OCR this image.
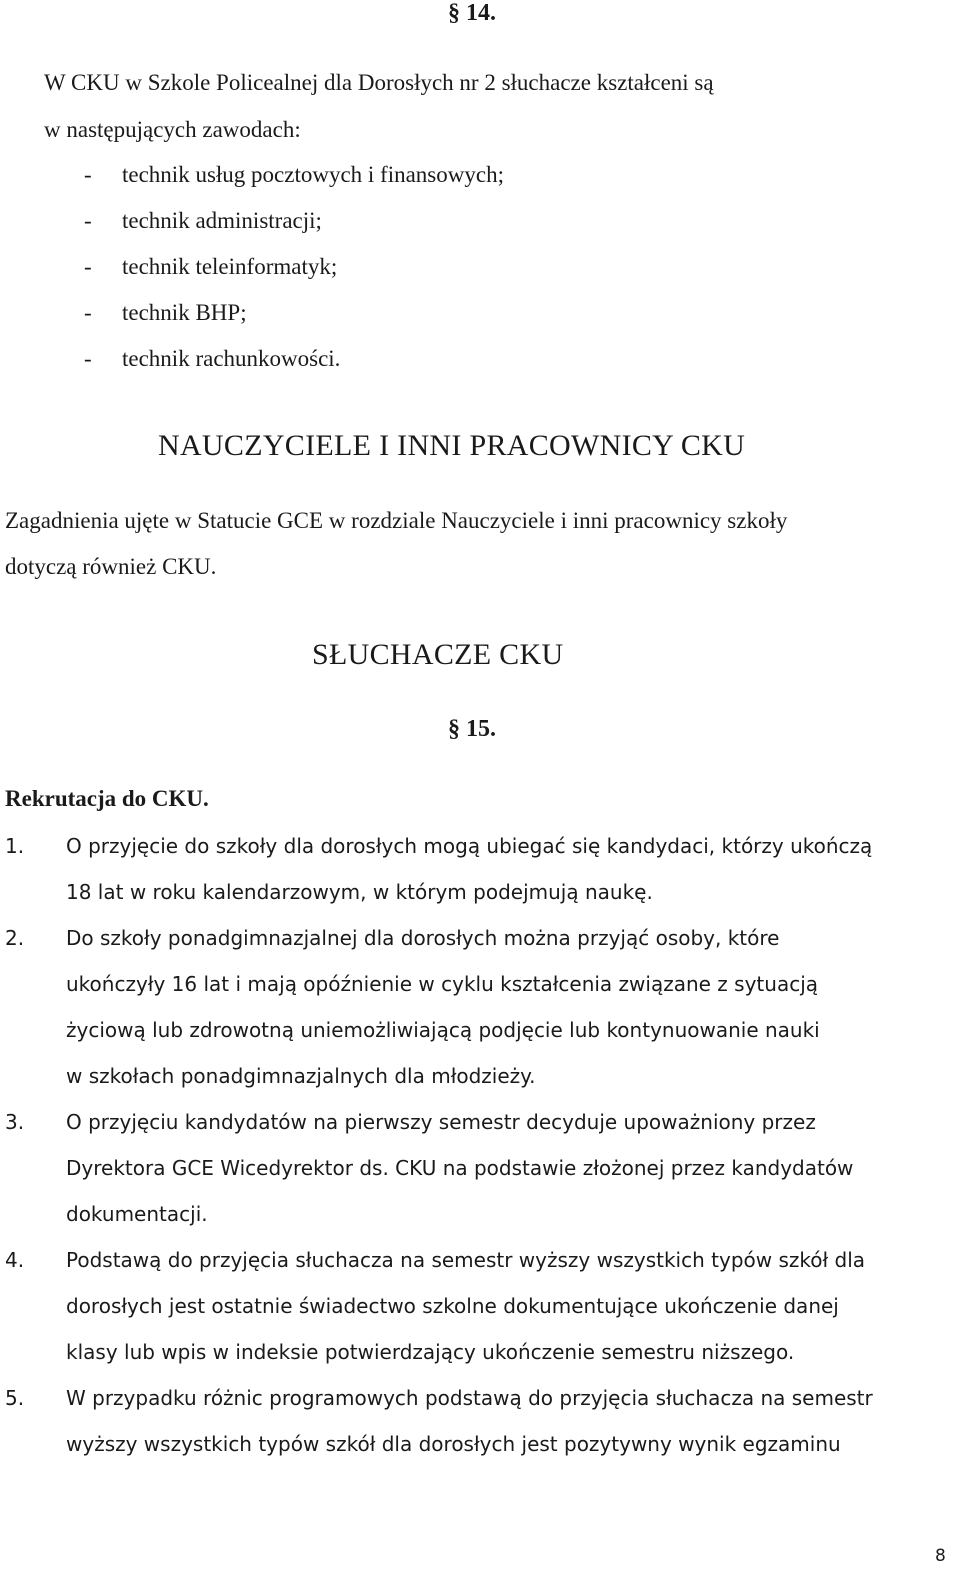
§ 14.
W CKU w Szkole Policealnej dla Dorosłych nr 2 słuchacze kształceni są
w następujących zawodach:
- technik usług pocztowych i finansowych;
- technik administracji;
- technik teleinformatyk;
- technik BHP;
- technik rachunkowości.
NAUCZYCIELE I INNI PRACOWNICY CKU
Zagadnienia ujęte w Statucie GCE w rozdziale Nauczyciele i inni pracownicy szkoły
dotyczą również CKU.
SŁUCHACZE CKU
§ 15.
Rekrutacja do CKU.
1. O przyjęcie do szkoły dla dorosłych mogą ubiegać się kandydaci, którzy ukończą
18 lat w roku kalendarzowym, w którym podejmują naukę.
2. Do szkoły ponadgimnazjalnej dla dorosłych można przyjąć osoby, które
ukończyły 16 lat i mają opóźnienie w cyklu kształcenia związane z sytuacją
życiową lub zdrowotną uniemożliwiającą podjęcie lub kontynuowanie nauki
w szkołach ponadgimnazjalnych dla młodzieży.
3. O przyjęciu kandydatów na pierwszy semestr decyduje upoważniony przez
Dyrektora GCE Wicedyrektor ds. CKU na podstawie złożonej przez kandydatów
dokumentacji.
4. Podstawą do przyjęcia słuchacza na semestr wyższy wszystkich typów szkół dla
dorosłych jest ostatnie świadectwo szkolne dokumentujące ukończenie danej
klasy lub wpis w indeksie potwierdzający ukończenie semestru niższego.
5. W przypadku różnic programowych podstawą do przyjęcia słuchacza na semestr
wyższy wszystkich typów szkół dla dorosłych jest pozytywny wynik egzaminu
8
